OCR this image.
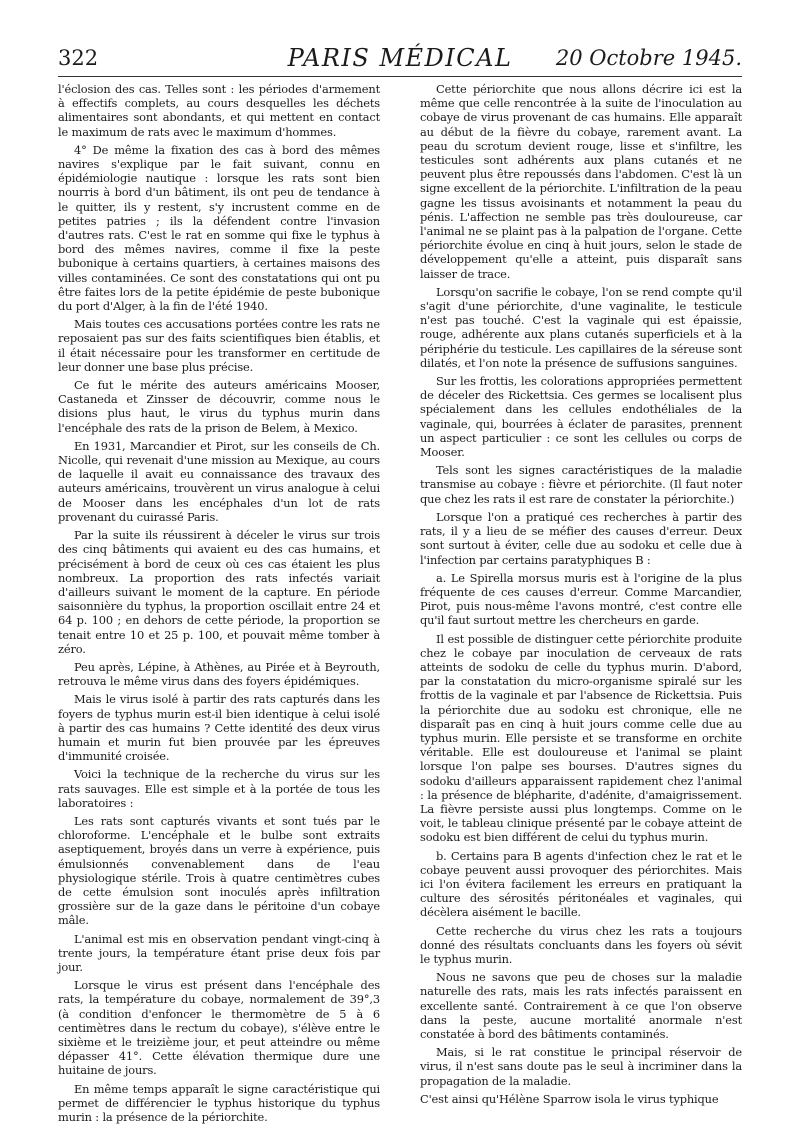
322	PARIS MÉDICAL	20 Octobre 1945.

l'éclosion des cas. Telles sont : les périodes d'armement à effectifs complets, au cours desquelles les déchets alimentaires sont abondants, et qui mettent en contact le maximum de rats avec le maximum d'hommes.

4° De même la fixation des cas à bord des mêmes navires s'explique par le fait suivant, connu en épidémiologie nautique : lorsque les rats sont bien nourris à bord d'un bâtiment, ils ont peu de tendance à le quitter, ils y restent, s'y incrustent comme en de petites patries ; ils la défendent contre l'invasion d'autres rats. C'est le rat en somme qui fixe le typhus à bord des mêmes navires, comme il fixe la peste bubonique à certains quartiers, à certaines maisons des villes contaminées. Ce sont des constatations qui ont pu être faites lors de la petite épidémie de peste bubonique du port d'Alger, à la fin de l'été 1940.

Mais toutes ces accusations portées contre les rats ne reposaient pas sur des faits scientifiques bien établis, et il était nécessaire pour les transformer en certitude de leur donner une base plus précise.

Ce fut le mérite des auteurs américains Mooser, Castaneda et Zinsser de découvrir, comme nous le disions plus haut, le virus du typhus murin dans l'encéphale des rats de la prison de Belem, à Mexico.

En 1931, Marcandier et Pirot, sur les conseils de Ch. Nicolle, qui revenait d'une mission au Mexique, au cours de laquelle il avait eu connaissance des travaux des auteurs américains, trouvèrent un virus analogue à celui de Mooser dans les encéphales d'un lot de rats provenant du cuirassé Paris.

Par la suite ils réussirent à déceler le virus sur trois des cinq bâtiments qui avaient eu des cas humains, et précisément à bord de ceux où ces cas étaient les plus nombreux. La proportion des rats infectés variait d'ailleurs suivant le moment de la capture. En période saisonnière du typhus, la proportion oscillait entre 24 et 64 p. 100 ; en dehors de cette période, la proportion se tenait entre 10 et 25 p. 100, et pouvait même tomber à zéro.

Peu après, Lépine, à Athènes, au Pirée et à Beyrouth, retrouva le même virus dans des foyers épidémiques.

Mais le virus isolé à partir des rats capturés dans les foyers de typhus murin est-il bien identique à celui isolé à partir des cas humains ? Cette identité des deux virus humain et murin fut bien prouvée par les épreuves d'immunité croisée.

Voici la technique de la recherche du virus sur les rats sauvages. Elle est simple et à la portée de tous les laboratoires :

Les rats sont capturés vivants et sont tués par le chloroforme. L'encéphale et le bulbe sont extraits aseptiquement, broyés dans un verre à expérience, puis émulsionnés convenablement dans de l'eau physiologique stérile. Trois à quatre centimètres cubes de cette émulsion sont inoculés après infiltration grossière sur de la gaze dans le péritoine d'un cobaye mâle.

L'animal est mis en observation pendant vingt-cinq à trente jours, la température étant prise deux fois par jour.

Lorsque le virus est présent dans l'encéphale des rats, la température du cobaye, normalement de 39°,3 (à condition d'enfoncer le thermomètre de 5 à 6 centimètres dans le rectum du cobaye), s'élève entre le sixième et le treizième jour, et peut atteindre ou même dépasser 41°. Cette élévation thermique dure une huitaine de jours.

En même temps apparaît le signe caractéristique qui permet de différencier le typhus historique du typhus murin : la présence de la périorchite.

Cette périorchite que nous allons décrire ici est la même que celle rencontrée à la suite de l'inoculation au cobaye de virus provenant de cas humains. Elle apparaît au début de la fièvre du cobaye, rarement avant. La peau du scrotum devient rouge, lisse et s'infiltre, les testicules sont adhérents aux plans cutanés et ne peuvent plus être repoussés dans l'abdomen. C'est là un signe excellent de la périorchite. L'infiltration de la peau gagne les tissus avoisinants et notamment la peau du pénis. L'affection ne semble pas très douloureuse, car l'animal ne se plaint pas à la palpation de l'organe. Cette périorchite évolue en cinq à huit jours, selon le stade de développement qu'elle a atteint, puis disparaît sans laisser de trace.

Lorsqu'on sacrifie le cobaye, l'on se rend compte qu'il s'agit d'une périorchite, d'une vaginalite, le testicule n'est pas touché. C'est la vaginale qui est épaissie, rouge, adhérente aux plans cutanés superficiels et à la périphérie du testicule. Les capillaires de la séreuse sont dilatés, et l'on note la présence de suffusions sanguines.

Sur les frottis, les colorations appropriées permettent de déceler des Rickettsia. Ces germes se localisent plus spécialement dans les cellules endothéliales de la vaginale, qui, bourrées à éclater de parasites, prennent un aspect particulier : ce sont les cellules ou corps de Mooser.

Tels sont les signes caractéristiques de la maladie transmise au cobaye : fièvre et périorchite. (Il faut noter que chez les rats il est rare de constater la périorchite.)

Lorsque l'on a pratiqué ces recherches à partir des rats, il y a lieu de se méfier des causes d'erreur. Deux sont surtout à éviter, celle due au sodoku et celle due à l'infection par certains paratyphiques B :

a. Le Spirella morsus muris est à l'origine de la plus fréquente de ces causes d'erreur. Comme Marcandier, Pirot, puis nous-même l'avons montré, c'est contre elle qu'il faut surtout mettre les chercheurs en garde.

Il est possible de distinguer cette périorchite produite chez le cobaye par inoculation de cerveaux de rats atteints de sodoku de celle du typhus murin. D'abord, par la constatation du micro-organisme spiralé sur les frottis de la vaginale et par l'absence de Rickettsia. Puis la périorchite due au sodoku est chronique, elle ne disparaît pas en cinq à huit jours comme celle due au typhus murin. Elle persiste et se transforme en orchite véritable. Elle est douloureuse et l'animal se plaint lorsque l'on palpe ses bourses. D'autres signes du sodoku d'ailleurs apparaissent rapidement chez l'animal : la présence de blépharite, d'adénite, d'amaigrissement. La fièvre persiste aussi plus longtemps. Comme on le voit, le tableau clinique présenté par le cobaye atteint de sodoku est bien différent de celui du typhus murin.

b. Certains para B agents d'infection chez le rat et le cobaye peuvent aussi provoquer des périorchites. Mais ici l'on évitera facilement les erreurs en pratiquant la culture des sérosités péritonéales et vaginales, qui décèlera aisément le bacille.

Cette recherche du virus chez les rats a toujours donné des résultats concluants dans les foyers où sévit le typhus murin.

Nous ne savons que peu de choses sur la maladie naturelle des rats, mais les rats infectés paraissent en excellente santé. Contrairement à ce que l'on observe dans la peste, aucune mortalité anormale n'est constatée à bord des bâtiments contaminés.

Mais, si le rat constitue le principal réservoir de virus, il n'est sans doute pas le seul à incriminer dans la propagation de la maladie.

C'est ainsi qu'Hélène Sparrow isola le virus typhique
